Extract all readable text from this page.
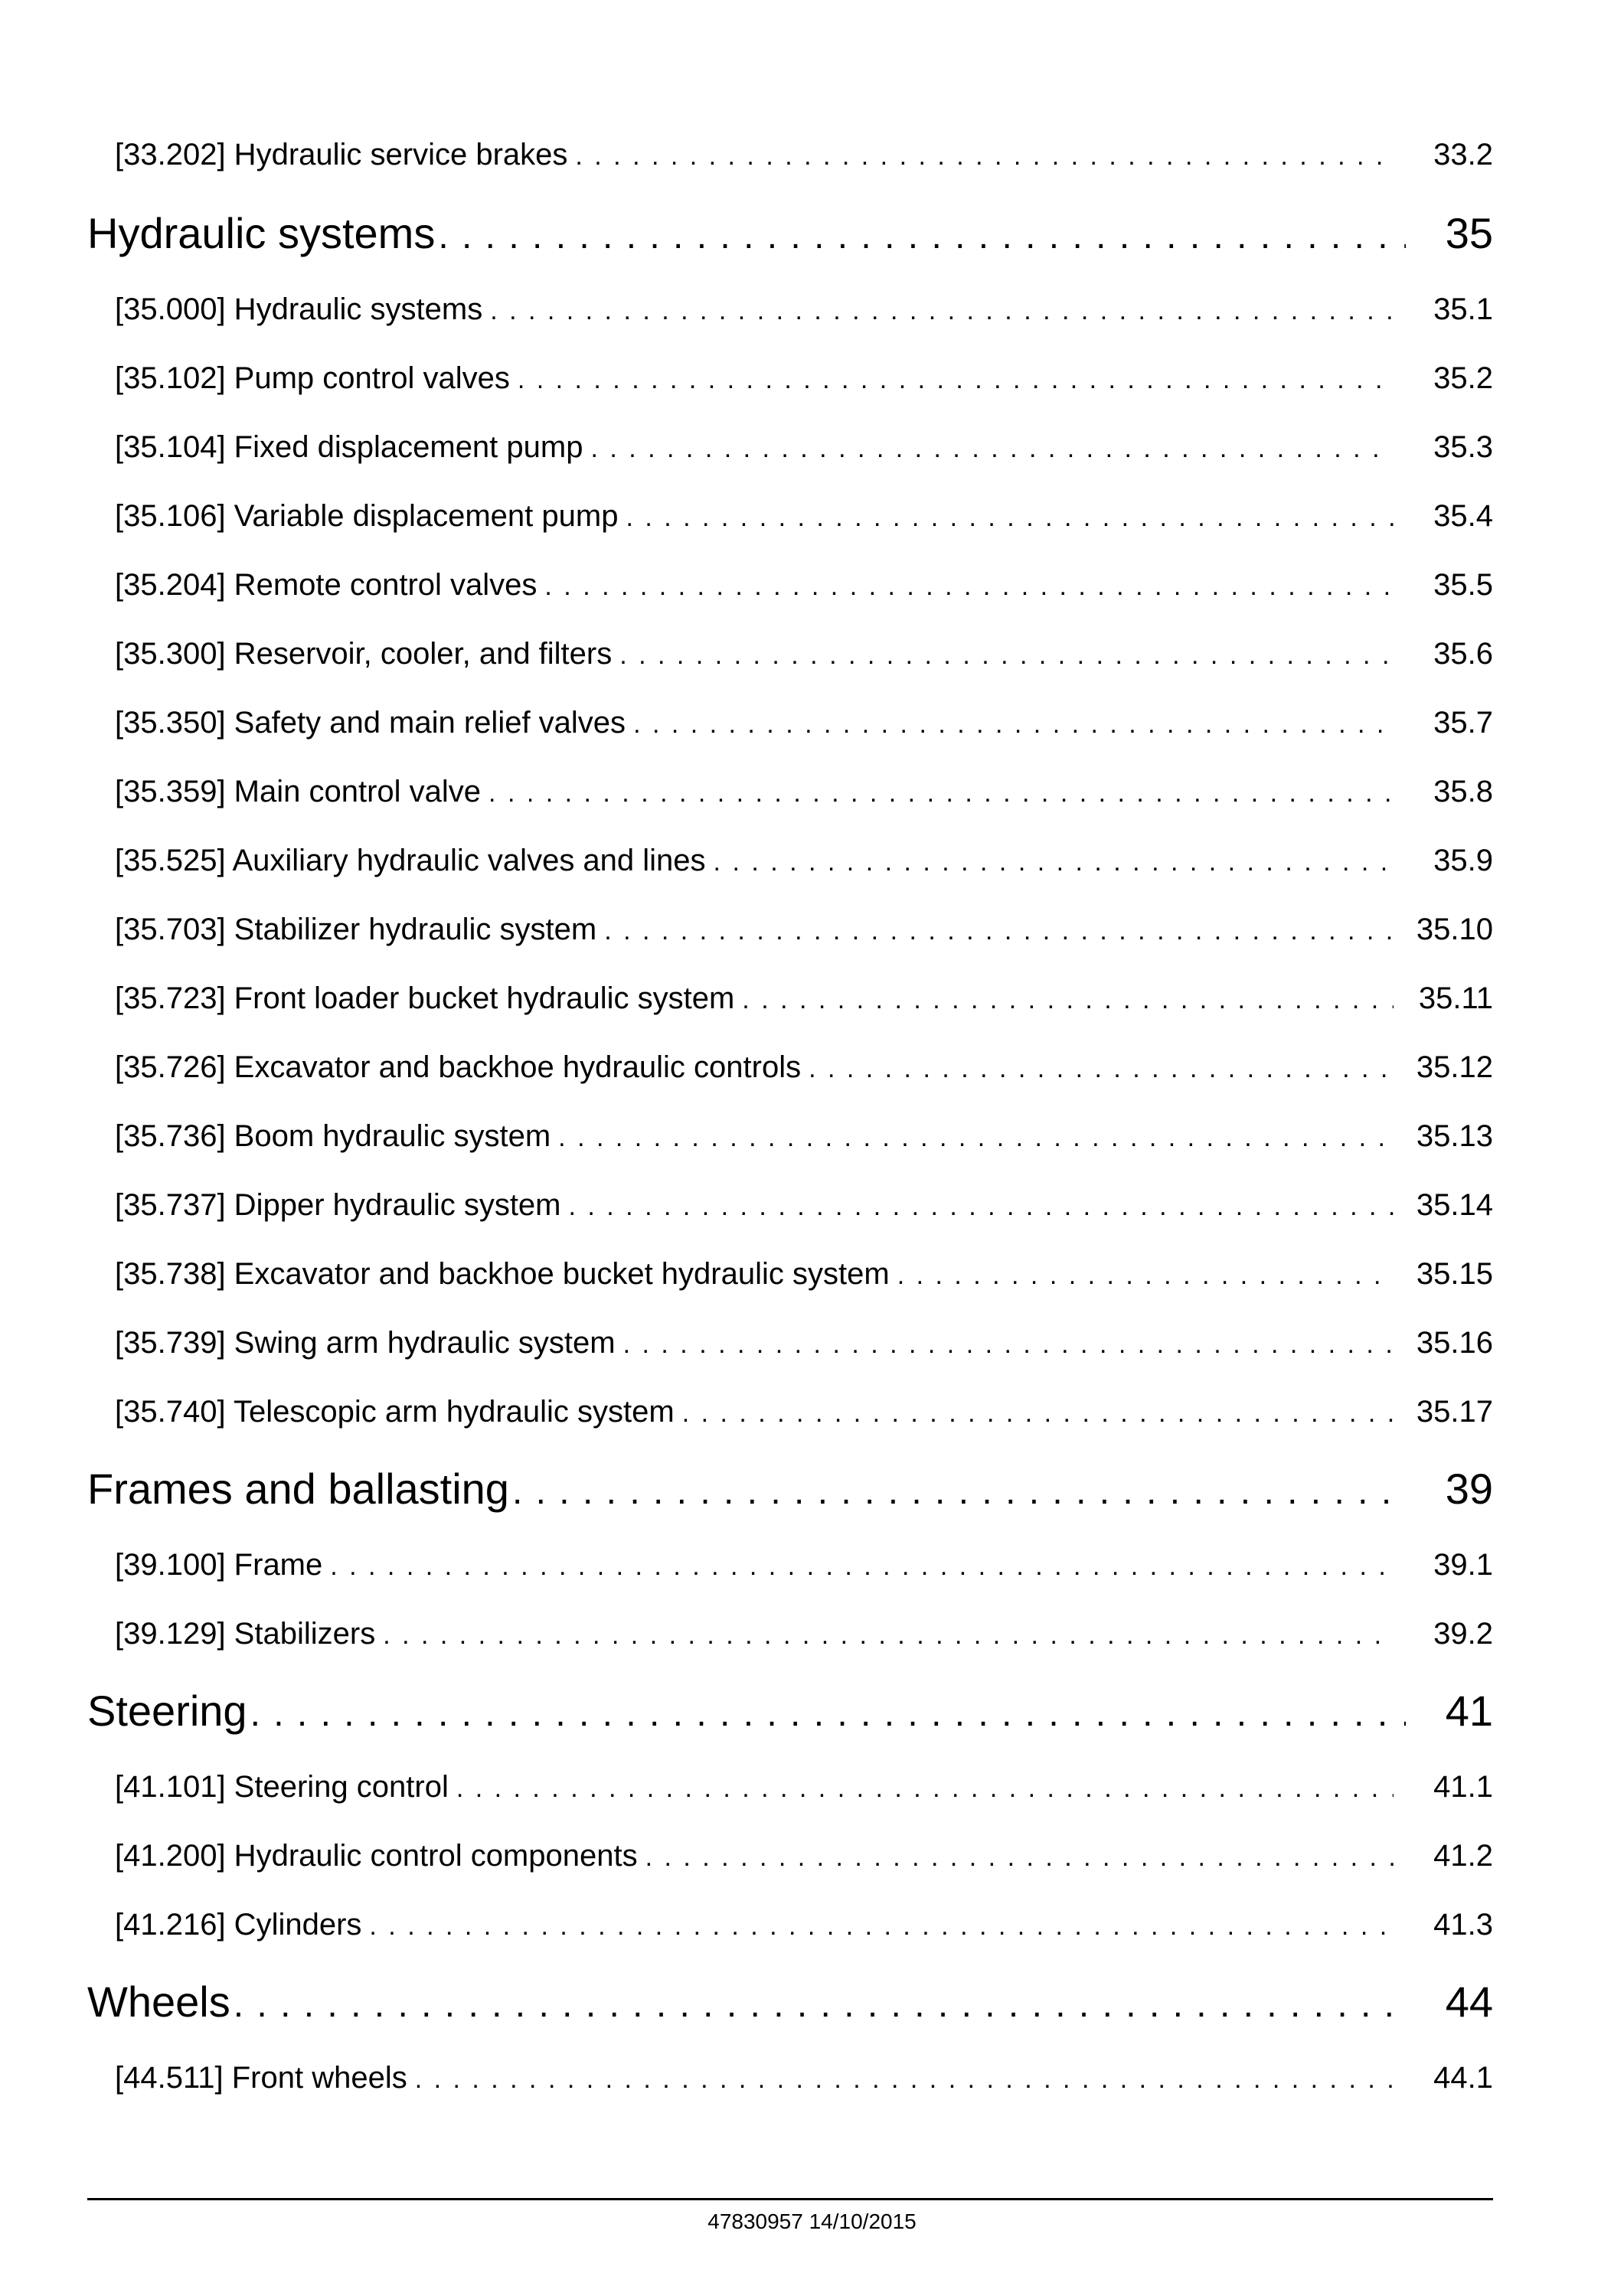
[33.202] Hydraulic service brakes . . .	33.2
Hydraulic systems . . .	35
[35.000] Hydraulic systems . . .	35.1
[35.102] Pump control valves . . .	35.2
[35.104] Fixed displacement pump . . .	35.3
[35.106] Variable displacement pump . . .	35.4
[35.204] Remote control valves . . .	35.5
[35.300] Reservoir, cooler, and filters . . .	35.6
[35.350] Safety and main relief valves . . .	35.7
[35.359] Main control valve . . .	35.8
[35.525] Auxiliary hydraulic valves and lines . . .	35.9
[35.703] Stabilizer hydraulic system . . .	35.10
[35.723] Front loader bucket hydraulic system . . .	35.11
[35.726] Excavator and backhoe hydraulic controls . . .	35.12
[35.736] Boom hydraulic system . . .	35.13
[35.737] Dipper hydraulic system . . .	35.14
[35.738] Excavator and backhoe bucket hydraulic system . . .	35.15
[35.739] Swing arm hydraulic system . . .	35.16
[35.740] Telescopic arm hydraulic system . . .	35.17
Frames and ballasting . . .	39
[39.100] Frame . . .	39.1
[39.129] Stabilizers . . .	39.2
Steering . . .	41
[41.101] Steering control . . .	41.1
[41.200] Hydraulic control components . . .	41.2
[41.216] Cylinders . . .	41.3
Wheels . . .	44
[44.511] Front wheels . . .	44.1
47830957 14/10/2015
